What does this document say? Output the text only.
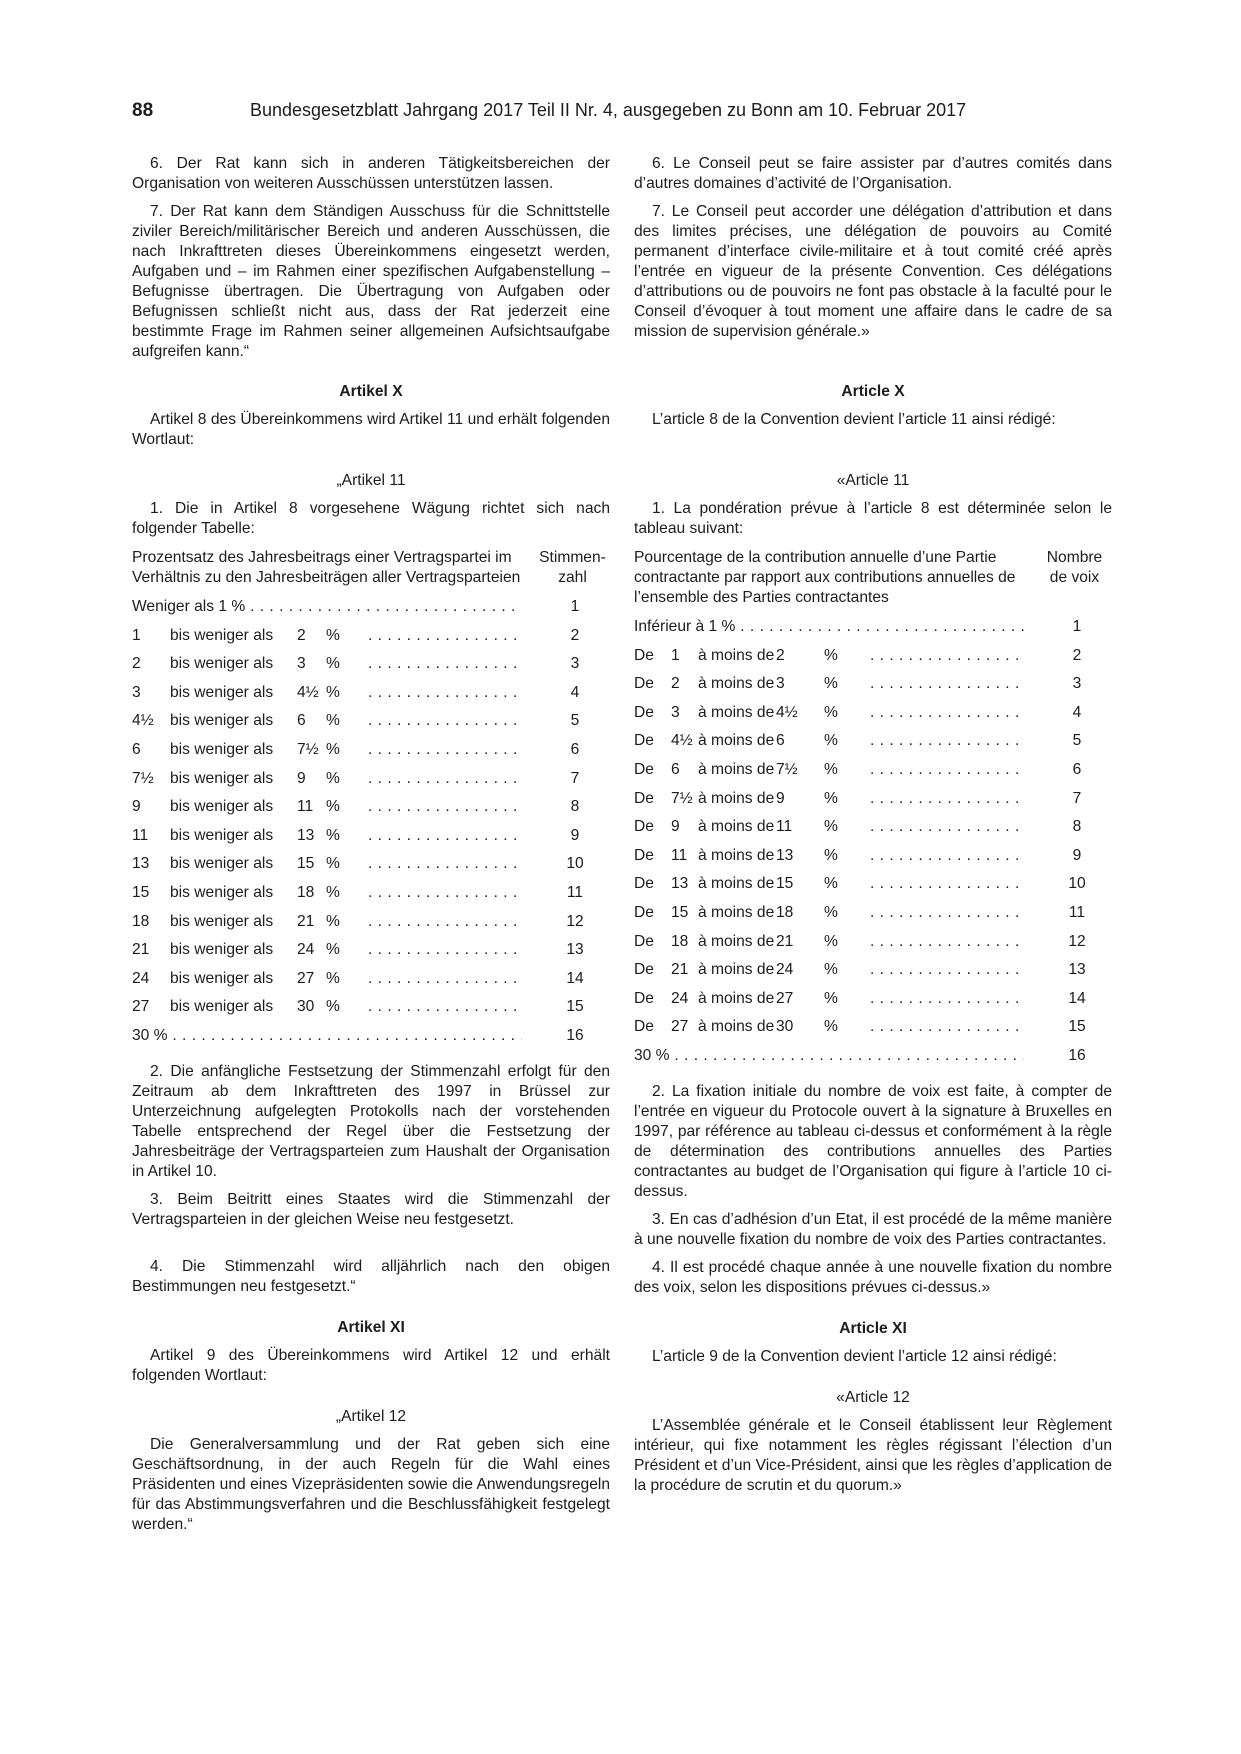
88	Bundesgesetzblatt Jahrgang 2017 Teil II Nr. 4, ausgegeben zu Bonn am 10. Februar 2017

6. Der Rat kann sich in anderen Tätigkeitsbereichen der Organisation von weiteren Ausschüssen unterstützen lassen.

7. Der Rat kann dem Ständigen Ausschuss für die Schnittstelle ziviler Bereich/militärischer Bereich und anderen Ausschüssen, die nach Inkrafttreten dieses Übereinkommens eingesetzt werden, Aufgaben und – im Rahmen einer spezifischen Aufgabenstellung – Befugnisse übertragen. Die Übertragung von Aufgaben oder Befugnissen schließt nicht aus, dass der Rat jederzeit eine bestimmte Frage im Rahmen seiner allgemeinen Aufsichtsaufgabe aufgreifen kann.“

Artikel X

Artikel 8 des Übereinkommens wird Artikel 11 und erhält folgenden Wortlaut:

„Artikel 11

1. Die in Artikel 8 vorgesehene Wägung richtet sich nach folgender Tabelle:

Prozentsatz des Jahresbeitrags einer Vertragspartei im Verhältnis zu den Jahresbeiträgen aller Vertragsparteien
Stimmenzahl
Weniger als 1 % . . .	1
1 bis weniger als 2 % . . .	2
2 bis weniger als 3 % . . .	3
3 bis weniger als 4½ % . . .	4
4½ bis weniger als 6 % . . .	5
6 bis weniger als 7½ % . . .	6
7½ bis weniger als 9 % . . .	7
9 bis weniger als 11 % . . .	8
11 bis weniger als 13 % . . .	9
13 bis weniger als 15 % . . .	10
15 bis weniger als 18 % . . .	11
18 bis weniger als 21 % . . .	12
21 bis weniger als 24 % . . .	13
24 bis weniger als 27 % . . .	14
27 bis weniger als 30 % . . .	15
30 % . . .	16

2. Die anfängliche Festsetzung der Stimmenzahl erfolgt für den Zeitraum ab dem Inkrafttreten des 1997 in Brüssel zur Unterzeichnung aufgelegten Protokolls nach der vorstehenden Tabelle entsprechend der Regel über die Festsetzung der Jahresbeiträge der Vertragsparteien zum Haushalt der Organisation in Artikel 10.

3. Beim Beitritt eines Staates wird die Stimmenzahl der Vertragsparteien in der gleichen Weise neu festgesetzt.

4. Die Stimmenzahl wird alljährlich nach den obigen Bestimmungen neu festgesetzt.“

Artikel XI

Artikel 9 des Übereinkommens wird Artikel 12 und erhält folgenden Wortlaut:

„Artikel 12

Die Generalversammlung und der Rat geben sich eine Geschäftsordnung, in der auch Regeln für die Wahl eines Präsidenten und eines Vizepräsidenten sowie die Anwendungsregeln für das Abstimmungsverfahren und die Beschlussfähigkeit festgelegt werden.“

6. Le Conseil peut se faire assister par d’autres comités dans d’autres domaines d’activité de l’Organisation.

7. Le Conseil peut accorder une délégation d’attribution et dans des limites précises, une délégation de pouvoirs au Comité permanent d’interface civile-militaire et à tout comité créé après l’entrée en vigueur de la présente Convention. Ces délégations d’attributions ou de pouvoirs ne font pas obstacle à la faculté pour le Conseil d’évoquer à tout moment une affaire dans le cadre de sa mission de supervision générale.»

Article X

L’article 8 de la Convention devient l’article 11 ainsi rédigé:

«Article 11

1. La pondération prévue à l’article 8 est déterminée selon le tableau suivant:

Pourcentage de la contribution annuelle d’une Partie contractante par rapport aux contributions annuelles de l’ensemble des Parties contractantes
Nombre de voix
Inférieur à 1 % . . .	1
De 1 à moins de 2	% . . .	2
De 2 à moins de 3	% . . .	3
De 3 à moins de 4½ % . . .	4
De 4½ à moins de 6	% . . .	5
De 6 à moins de 7½ % . . .	6
De 7½ à moins de 9	% . . .	7
De 9 à moins de 11 % . . .	8
De 11 à moins de 13 % . . .	9
De 13 à moins de 15 % . . .	10
De 15 à moins de 18 % . . .	11
De 18 à moins de 21 % . . .	12
De 21 à moins de 24 % . . .	13
De 24 à moins de 27 % . . .	14
De 27 à moins de 30 % . . .	15
30 % . . .	16

2. La fixation initiale du nombre de voix est faite, à compter de l’entrée en vigueur du Protocole ouvert à la signature à Bruxelles en 1997, par référence au tableau ci-dessus et conformément à la règle de détermination des contributions annuelles des Parties contractantes au budget de l’Organisation qui figure à l’article 10 ci-dessus.

3. En cas d’adhésion d’un Etat, il est procédé de la même manière à une nouvelle fixation du nombre de voix des Parties contractantes.

4. Il est procédé chaque année à une nouvelle fixation du nombre des voix, selon les dispositions prévues ci-dessus.»

Article XI

L’article 9 de la Convention devient l’article 12 ainsi rédigé:

«Article 12

L’Assemblée générale et le Conseil établissent leur Règlement intérieur, qui fixe notamment les règles régissant l’élection d’un Président et d’un Vice-Président, ainsi que les règles d’application de la procédure de scrutin et du quorum.»
